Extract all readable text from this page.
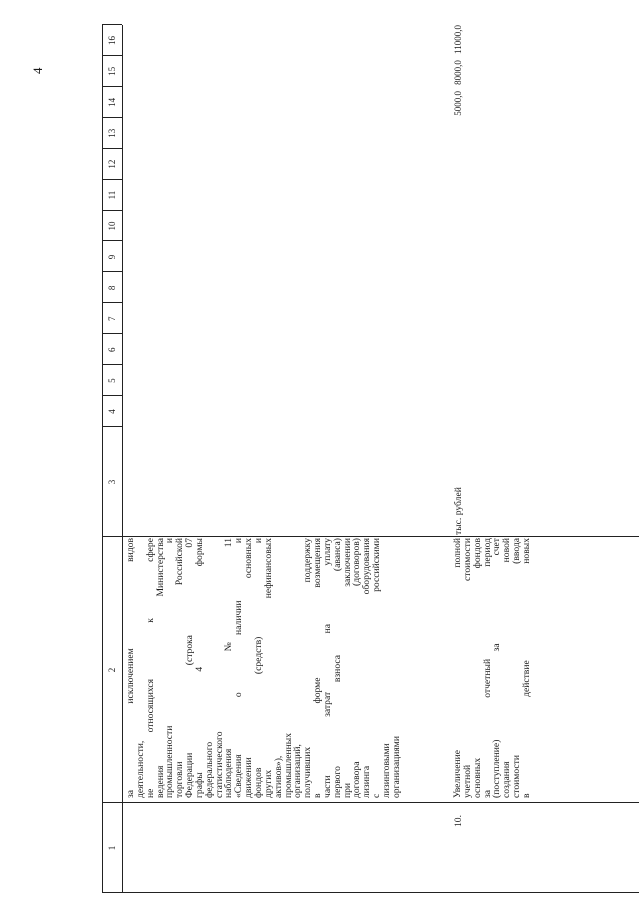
4
1
2
3
4
5
6
7
8
9
10
11
12
13
14
15
16
за исключением видов
деятельности,
не относящихся к сфере
ведения Министерства
промышленности и
торговли Российской
Федерации (строка 07
графы 4 формы
федерального
статистического
наблюдения №11
«Сведения о наличии и
движении основных
фондов (средств) и
других нефинансовых
активов»),
промышленных
организаций,
получивших поддержку
в форме возмещения
части затрат на уплату
первого взноса (аванса)
при заключении
договора (договоров)
лизинга оборудования
с российскими
лизинговыми
организациями
10.
Увеличение полной
учетной стоимости
основных фондов
за отчетный период
(поступление) за счет
создания новой
стоимости (ввода
в действие новых
тыс. рублей
5000,0
8000,0
11000,0
